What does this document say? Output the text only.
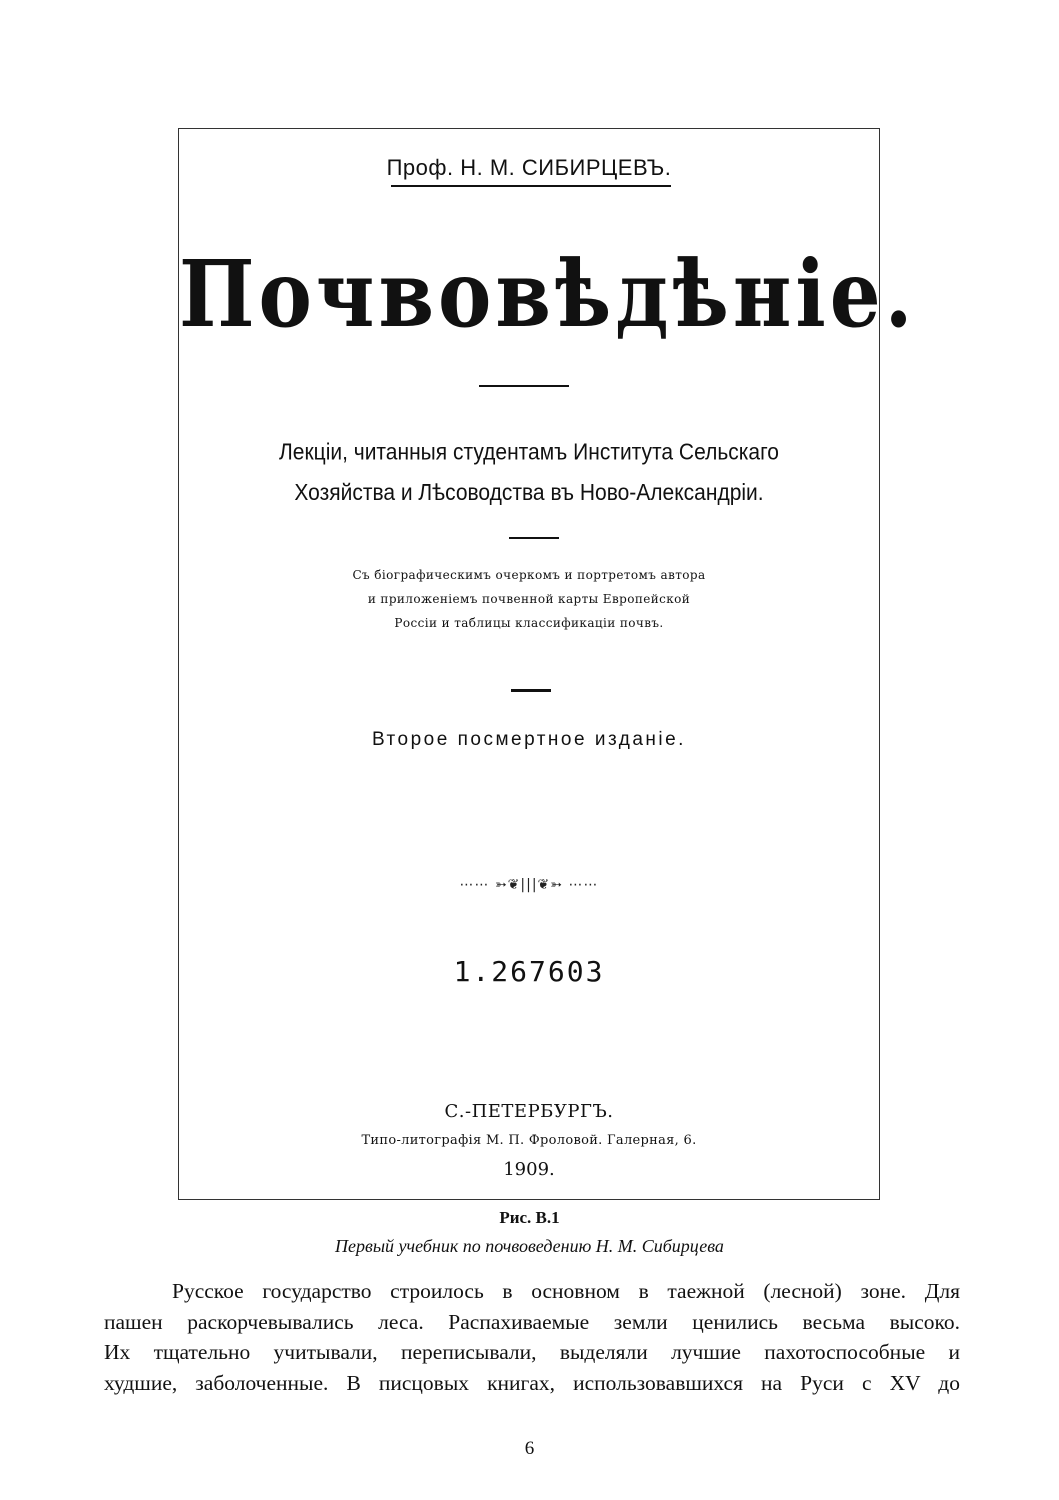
Проф. Н. М. СИБИРЦЕВЪ.
Почвовѣдѣніе.
Лекціи, читанныя студентамъ Института Сельскаго
Хозяйства и Лѣсоводства въ Ново-Александріи.
Съ біографическимъ очеркомъ и портретомъ автора
и приложеніемъ почвенной карты Европейской
Россіи и таблицы классификаціи почвъ.
Второе посмертное изданіе.
⋯⋯ ➳❦|||❦➳ ⋯⋯
1.267603
С.-ПЕТЕРБУРГЪ.
Типо-литографія М. П. Фроловой. Галерная, 6.
1909.
Рис. В.1
Первый учебник по почвоведению Н. М. Сибирцева

Русское государство строилось в основном в таежной (лесной) зоне. Для
пашен раскорчевывались леса. Распахиваемые земли ценились весьма высоко.
Их тщательно учитывали, переписывали, выделяли лучшие пахотоспособные и
худшие, заболоченные. В писцовых книгах, использовавшихся на Руси с XV до

6
